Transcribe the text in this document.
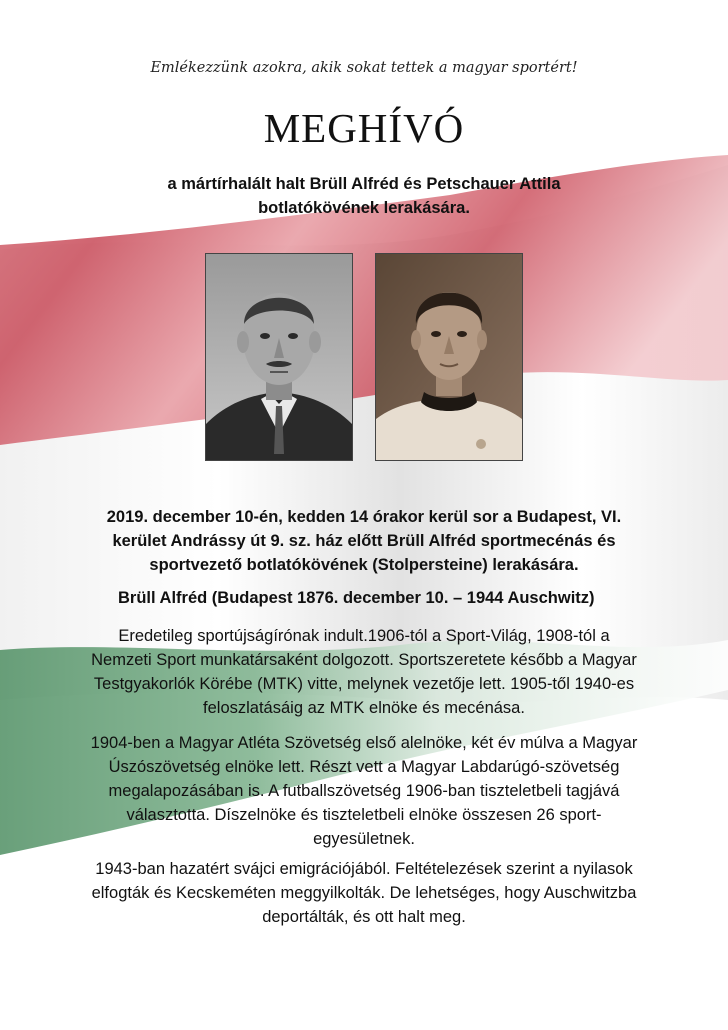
Emlékezzünk azokra, akik sokat tettek a magyar sportért!
MEGHÍVÓ
a mártírhalált halt Brüll Alfréd és Petschauer Attila
botlatókövének lerakására.
2019. december 10-én, kedden 14 órakor kerül sor a Budapest, VI.
kerület Andrássy út 9. sz. ház előtt Brüll Alfréd sportmecénás és
sportvezető botlatókövének (Stolpersteine) lerakására.
Brüll Alfréd (Budapest 1876. december 10. – 1944 Auschwitz)
Eredetileg sportújságírónak indult.1906-tól a Sport-Világ, 1908-tól a
Nemzeti Sport munkatársaként dolgozott. Sportszeretete később a Magyar
Testgyakorlók Körébe (MTK) vitte, melynek vezetője lett. 1905-től 1940-es
feloszlatásáig az MTK elnöke és mecénása.
1904-ben a Magyar Atléta Szövetség első alelnöke, két év múlva a Magyar
Úszószövetség elnöke lett. Részt vett a Magyar Labdarúgó-szövetség
megalapozásában is. A futballszövetség 1906-ban tiszteletbeli tagjává
választotta. Díszelnöke és tiszteletbeli elnöke összesen 26 sport-
egyesületnek.
1943-ban hazatért svájci emigrációjából. Feltételezések szerint a nyilasok
elfogták és Kecskeméten meggyilkolták. De lehetséges, hogy Auschwitzba
deportálták, és ott halt meg.
